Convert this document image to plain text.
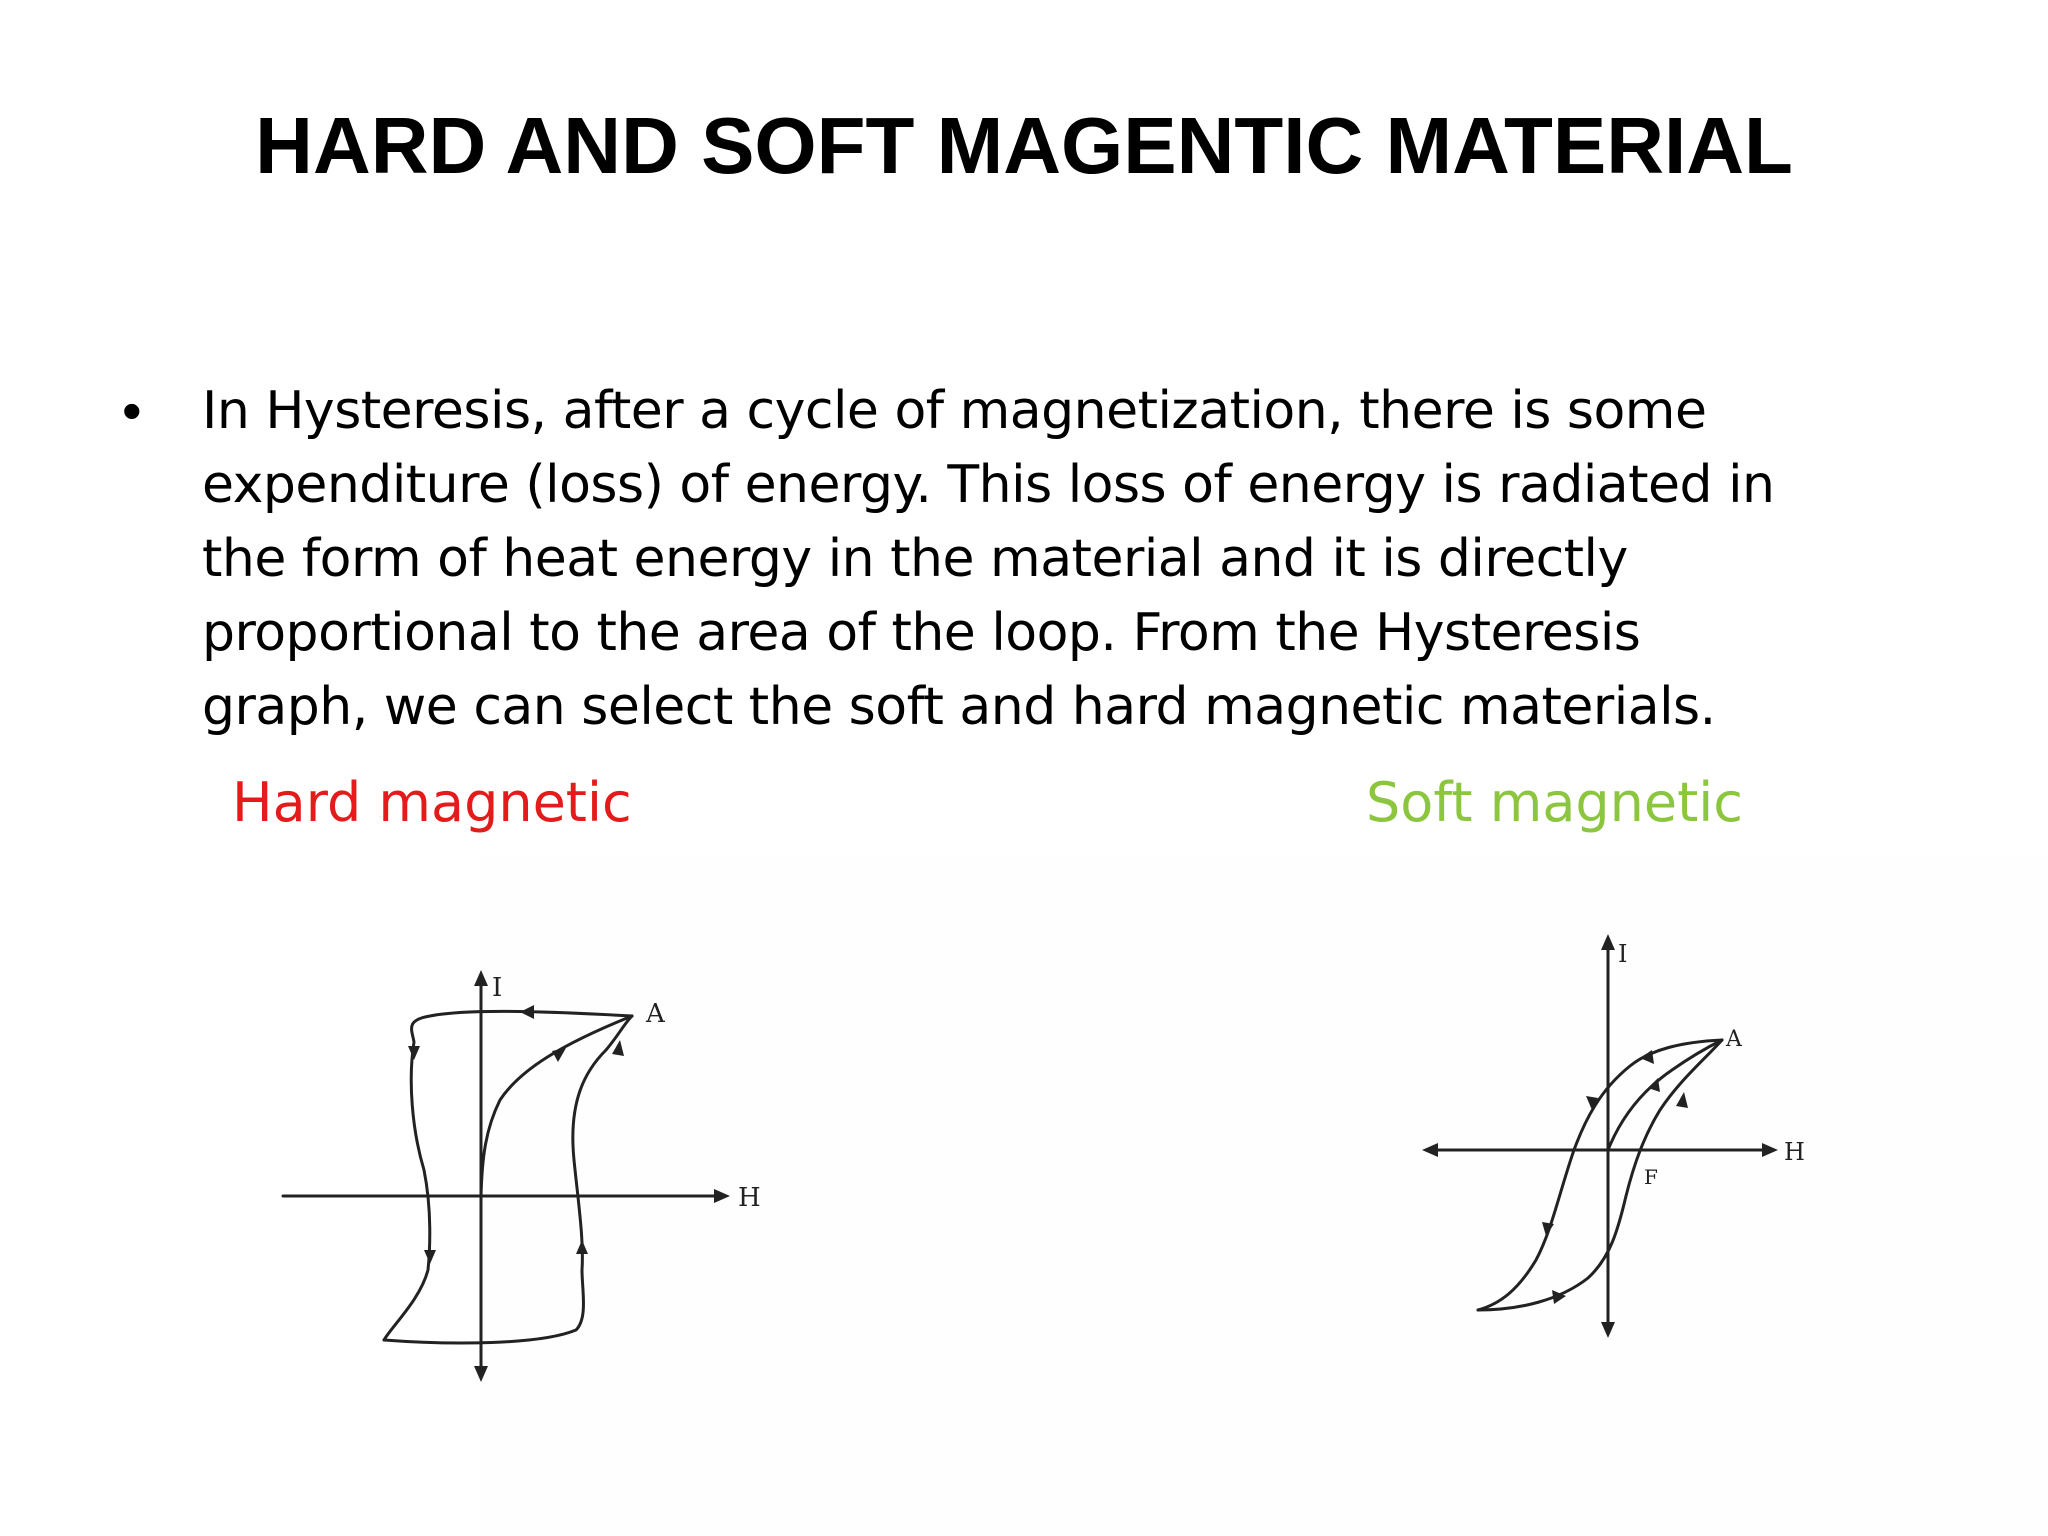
HARD AND SOFT MAGENTIC MATERIAL
• In Hysteresis, after a cycle of magnetization, there is some
expenditure (loss) of energy. This loss of energy is radiated in
the form of heat energy in the material and it is directly
proportional to the area of the loop. From the Hysteresis
graph, we can select the soft and hard magnetic materials.
Hard magnetic	Soft magnetic
I
H
A
I
H
A
F
